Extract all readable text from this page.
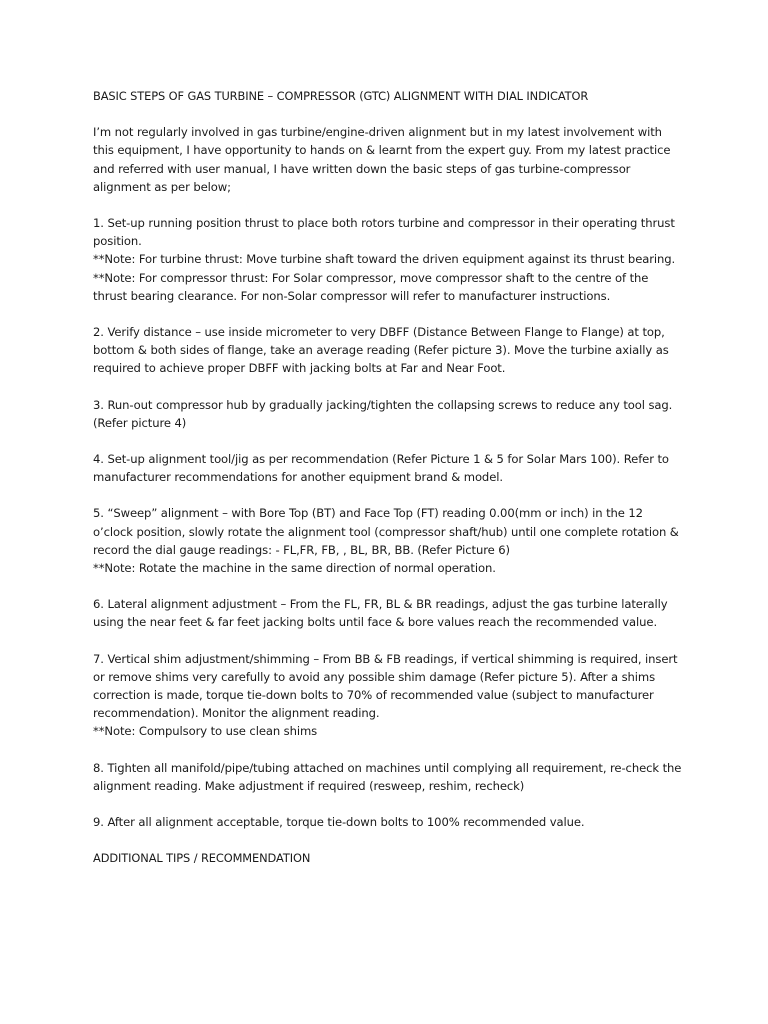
BASIC STEPS OF GAS TURBINE – COMPRESSOR (GTC) ALIGNMENT WITH DIAL INDICATOR

I’m not regularly involved in gas turbine/engine-driven alignment but in my latest involvement with this equipment, I have opportunity to hands on & learnt from the expert guy. From my latest practice and referred with user manual, I have written down the basic steps of gas turbine-compressor alignment as per below;

1. Set-up running position thrust to place both rotors turbine and compressor in their operating thrust position.

**Note: For turbine thrust: Move turbine shaft toward the driven equipment against its thrust bearing.

**Note: For compressor thrust: For Solar compressor, move compressor shaft to the centre of the thrust bearing clearance. For non-Solar compressor will refer to manufacturer instructions.

2. Verify distance – use inside micrometer to very DBFF (Distance Between Flange to Flange) at top, bottom & both sides of flange, take an average reading (Refer picture 3). Move the turbine axially as required to achieve proper DBFF with jacking bolts at Far and Near Foot.

3. Run-out compressor hub by gradually jacking/tighten the collapsing screws to reduce any tool sag. (Refer picture 4)

4. Set-up alignment tool/jig as per recommendation (Refer Picture 1 & 5 for Solar Mars 100). Refer to manufacturer recommendations for another equipment brand & model.

5. “Sweep” alignment – with Bore Top (BT) and Face Top (FT) reading 0.00(mm or inch) in the 12 o’clock position, slowly rotate the alignment tool (compressor shaft/hub) until one complete rotation & record the dial gauge readings: - FL,FR, FB, , BL, BR, BB. (Refer Picture 6)

**Note: Rotate the machine in the same direction of normal operation.

6. Lateral alignment adjustment – From the FL, FR, BL & BR readings, adjust the gas turbine laterally using the near feet & far feet jacking bolts until face & bore values reach the recommended value.

7. Vertical shim adjustment/shimming – From BB & FB readings, if vertical shimming is required, insert or remove shims very carefully to avoid any possible shim damage (Refer picture 5). After a shims correction is made, torque tie-down bolts to 70% of recommended value (subject to manufacturer recommendation). Monitor the alignment reading.

**Note: Compulsory to use clean shims

8. Tighten all manifold/pipe/tubing attached on machines until complying all requirement, re-check the alignment reading. Make adjustment if required (resweep, reshim, recheck)

9. After all alignment acceptable, torque tie-down bolts to 100% recommended value.

ADDITIONAL TIPS / RECOMMENDATION
